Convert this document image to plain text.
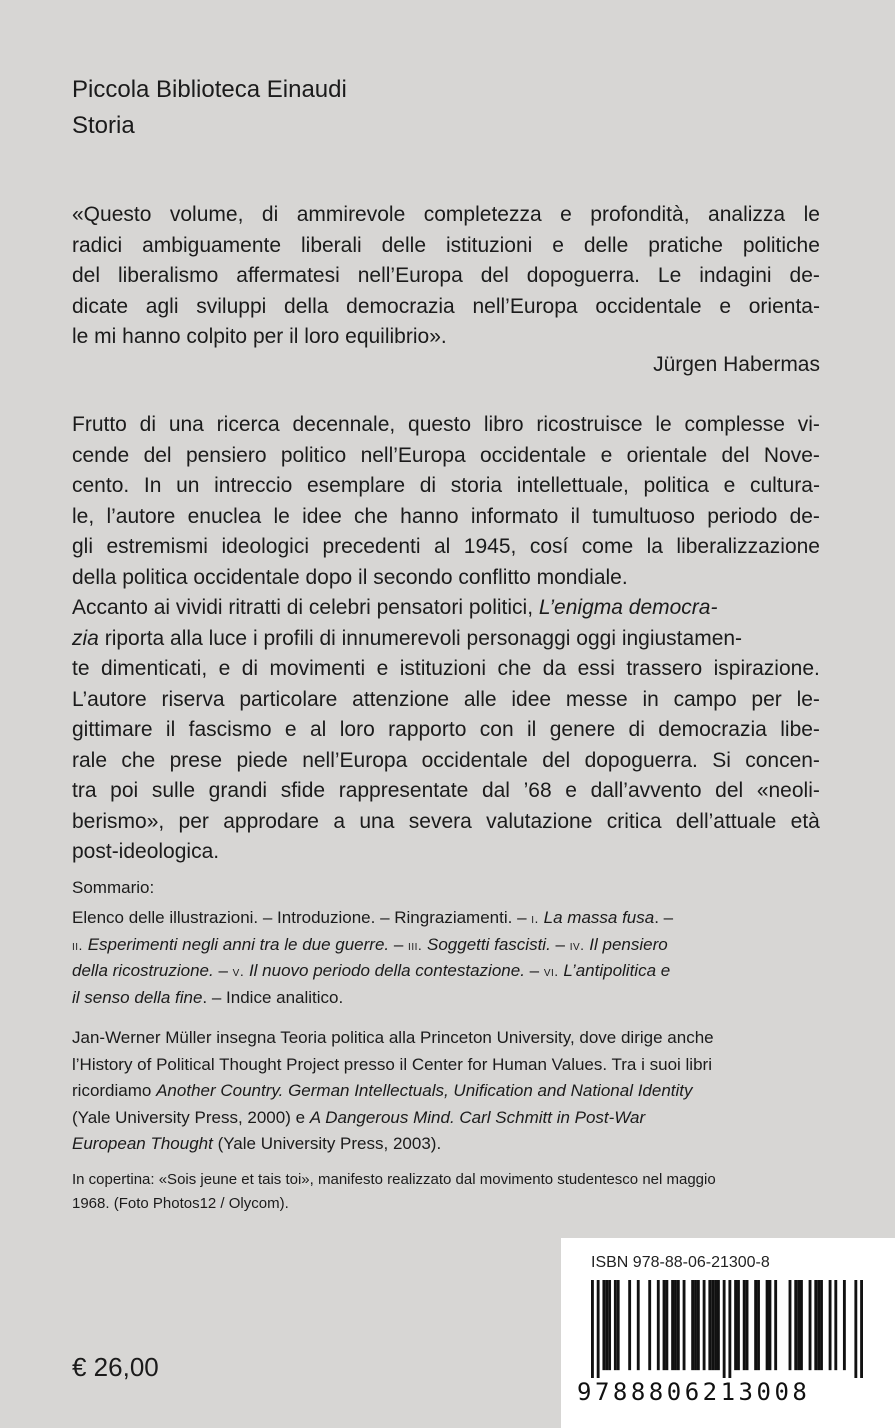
Piccola Biblioteca Einaudi
Storia
«Questo volume, di ammirevole completezza e profondità, analizza le
radici ambiguamente liberali delle istituzioni e delle pratiche politiche
del liberalismo affermatesi nell’Europa del dopoguerra. Le indagini de-
dicate agli sviluppi della democrazia nell’Europa occidentale e orienta-
le mi hanno colpito per il loro equilibrio».
Jürgen Habermas
Frutto di una ricerca decennale, questo libro ricostruisce le complesse vi-
cende del pensiero politico nell’Europa occidentale e orientale del Nove-
cento. In un intreccio esemplare di storia intellettuale, politica e cultura-
le, l’autore enuclea le idee che hanno informato il tumultuoso periodo de-
gli estremismi ideologici precedenti al 1945, cosí come la liberalizzazione
della politica occidentale dopo il secondo conflitto mondiale.
Accanto ai vividi ritratti di celebri pensatori politici, L’enigma democra-
zia riporta alla luce i profili di innumerevoli personaggi oggi ingiustamen-
te dimenticati, e di movimenti e istituzioni che da essi trassero ispirazione.
L’autore riserva particolare attenzione alle idee messe in campo per le-
gittimare il fascismo e al loro rapporto con il genere di democrazia libe-
rale che prese piede nell’Europa occidentale del dopoguerra. Si concen-
tra poi sulle grandi sfide rappresentate dal ’68 e dall’avvento del «neoli-
berismo», per approdare a una severa valutazione critica dell’attuale età
post-ideologica.
Sommario:
Elenco delle illustrazioni. – Introduzione. – Ringraziamenti. – i. La massa fusa. –
ii. Esperimenti negli anni tra le due guerre. – iii. Soggetti fascisti. – iv. Il pensiero
della ricostruzione. – v. Il nuovo periodo della contestazione. – vi. L’antipolitica e
il senso della fine. – Indice analitico.
Jan-Werner Müller insegna Teoria politica alla Princeton University, dove dirige anche
l’History of Political Thought Project presso il Center for Human Values. Tra i suoi libri
ricordiamo Another Country. German Intellectuals, Unification and National Identity
(Yale University Press, 2000) e A Dangerous Mind. Carl Schmitt in Post-War
European Thought (Yale University Press, 2003).
In copertina: «Sois jeune et tais toi», manifesto realizzato dal movimento studentesco nel maggio
1968. (Foto Photos12 / Olycom).
€ 26,00
ISBN 978-88-06-21300-8
9788806213008
